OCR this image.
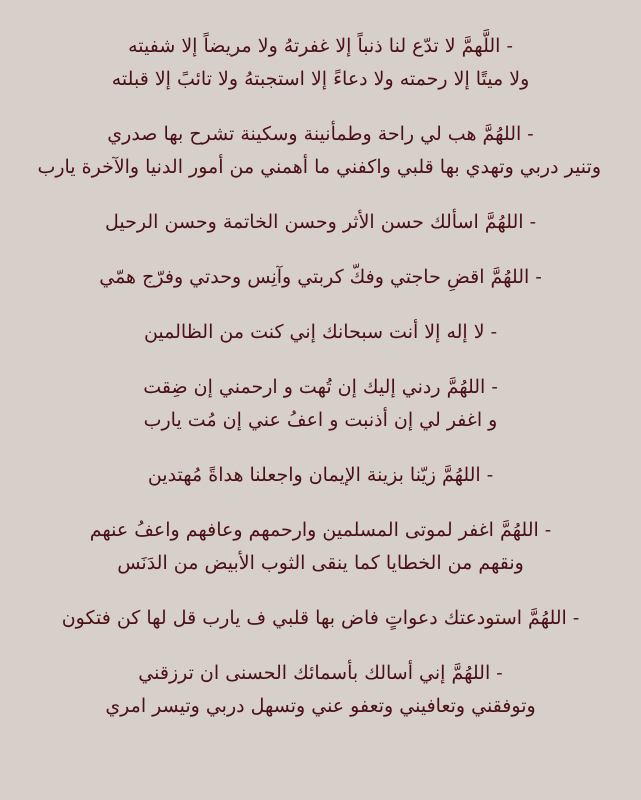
- اللَّهمَّ لا تدّع لنا ذنباً إلا غفرتهُ ولا مريضاً إلا شفيته
ولا ميتًا إلا رحمته ولا دعاءً إلا استجبتهُ ولا تائبً إلا قبلته
- اللهُمَّ هب لي راحة وطمأنينة وسكينة تشرح بها صدري
وتنير دربي وتهدي بها قلبي واكفني ما أهمني من أمور الدنيا والآخرة يارب
- اللهُمَّ اسألك حسن الأثر وحسن الخاتمة وحسن الرحيل
- اللهُمَّ اقضِ حاجتي وفكّ كربتي وآنِس وحدتي وفرّج همّي
- لا إله إلا أنت سبحانك إني كنت من الظالمين
- اللهُمَّ ردني إليك إن تُهت و ارحمني إن ضِقت
و اغفر لي إن أذنبت و اعفُ عني إن مُت يارب
- اللهُمَّ زيّنا بزينة الإيمان واجعلنا هداةً مُهتدين
- اللهُمَّ اغفر لموتى المسلمين وارحمهم وعافهم واعفُ عنهم
ونقهم من الخطايا كما ينقى الثوب الأبيض من الدَنَس
- اللهُمَّ استودعتك دعواتٍ فاض بها قلبي ف يارب قل لها كن فتكون
- اللهُمَّ إني أسالك بأسمائك الحسنى ان ترزقني
وتوفقني وتعافيني وتعفو عني وتسهل دربي وتيسر امري
